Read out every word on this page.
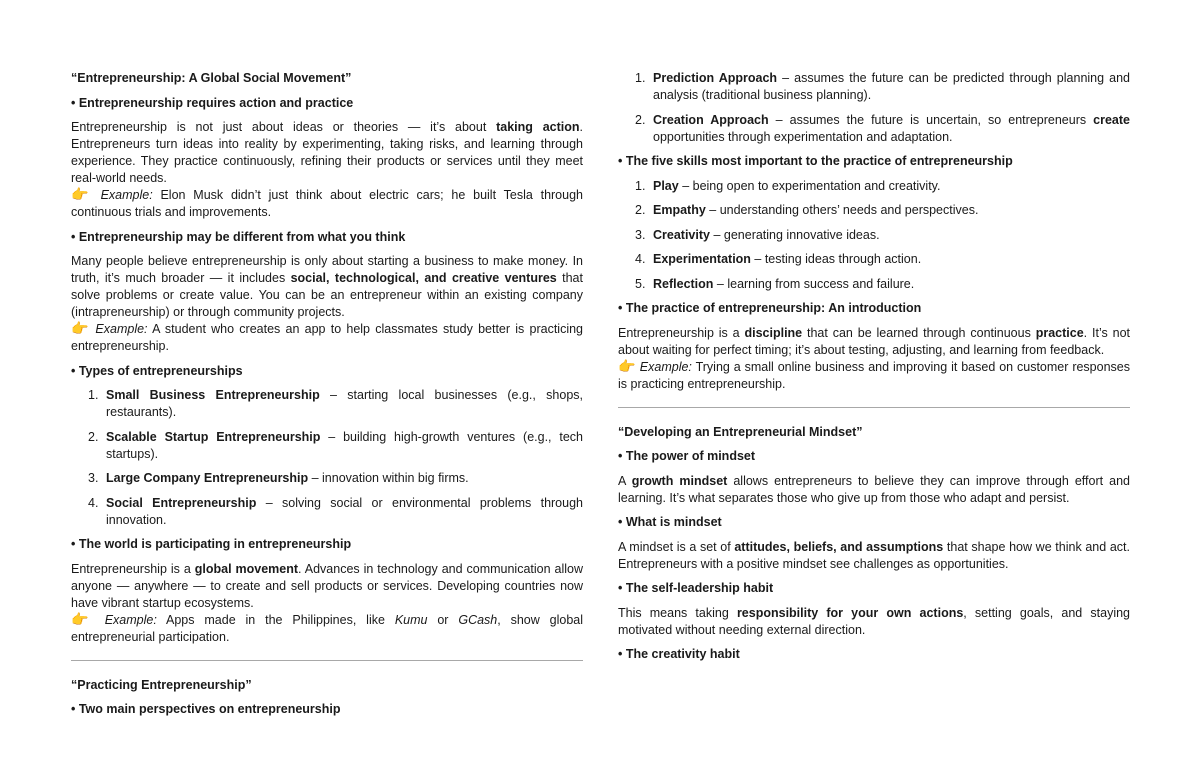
“Entrepreneurship: A Global Social Movement”

• Entrepreneurship requires action and practice

Entrepreneurship is not just about ideas or theories — it’s about taking action. Entrepreneurs turn ideas into reality by experimenting, taking risks, and learning through experience. They practice continuously, refining their products or services until they meet real-world needs.
👉 Example: Elon Musk didn’t just think about electric cars; he built Tesla through continuous trials and improvements.

• Entrepreneurship may be different from what you think

Many people believe entrepreneurship is only about starting a business to make money. In truth, it’s much broader — it includes social, technological, and creative ventures that solve problems or create value. You can be an entrepreneur within an existing company (intrapreneurship) or through community projects.
👉 Example: A student who creates an app to help classmates study better is practicing entrepreneurship.

• Types of entrepreneurships

1. Small Business Entrepreneurship – starting local businesses (e.g., shops, restaurants).
2. Scalable Startup Entrepreneurship – building high-growth ventures (e.g., tech startups).
3. Large Company Entrepreneurship – innovation within big firms.
4. Social Entrepreneurship – solving social or environmental problems through innovation.

• The world is participating in entrepreneurship

Entrepreneurship is a global movement. Advances in technology and communication allow anyone — anywhere — to create and sell products or services. Developing countries now have vibrant startup ecosystems.
👉 Example: Apps made in the Philippines, like Kumu or GCash, show global entrepreneurial participation.

“Practicing Entrepreneurship”

• Two main perspectives on entrepreneurship

1. Prediction Approach – assumes the future can be predicted through planning and analysis (traditional business planning).
2. Creation Approach – assumes the future is uncertain, so entrepreneurs create opportunities through experimentation and adaptation.

• The five skills most important to the practice of entrepreneurship

1. Play – being open to experimentation and creativity.
2. Empathy – understanding others’ needs and perspectives.
3. Creativity – generating innovative ideas.
4. Experimentation – testing ideas through action.
5. Reflection – learning from success and failure.

• The practice of entrepreneurship: An introduction

Entrepreneurship is a discipline that can be learned through continuous practice. It’s not about waiting for perfect timing; it’s about testing, adjusting, and learning from feedback.
👉 Example: Trying a small online business and improving it based on customer responses is practicing entrepreneurship.

“Developing an Entrepreneurial Mindset”

• The power of mindset

A growth mindset allows entrepreneurs to believe they can improve through effort and learning. It’s what separates those who give up from those who adapt and persist.

• What is mindset

A mindset is a set of attitudes, beliefs, and assumptions that shape how we think and act. Entrepreneurs with a positive mindset see challenges as opportunities.

• The self-leadership habit

This means taking responsibility for your own actions, setting goals, and staying motivated without needing external direction.

• The creativity habit
